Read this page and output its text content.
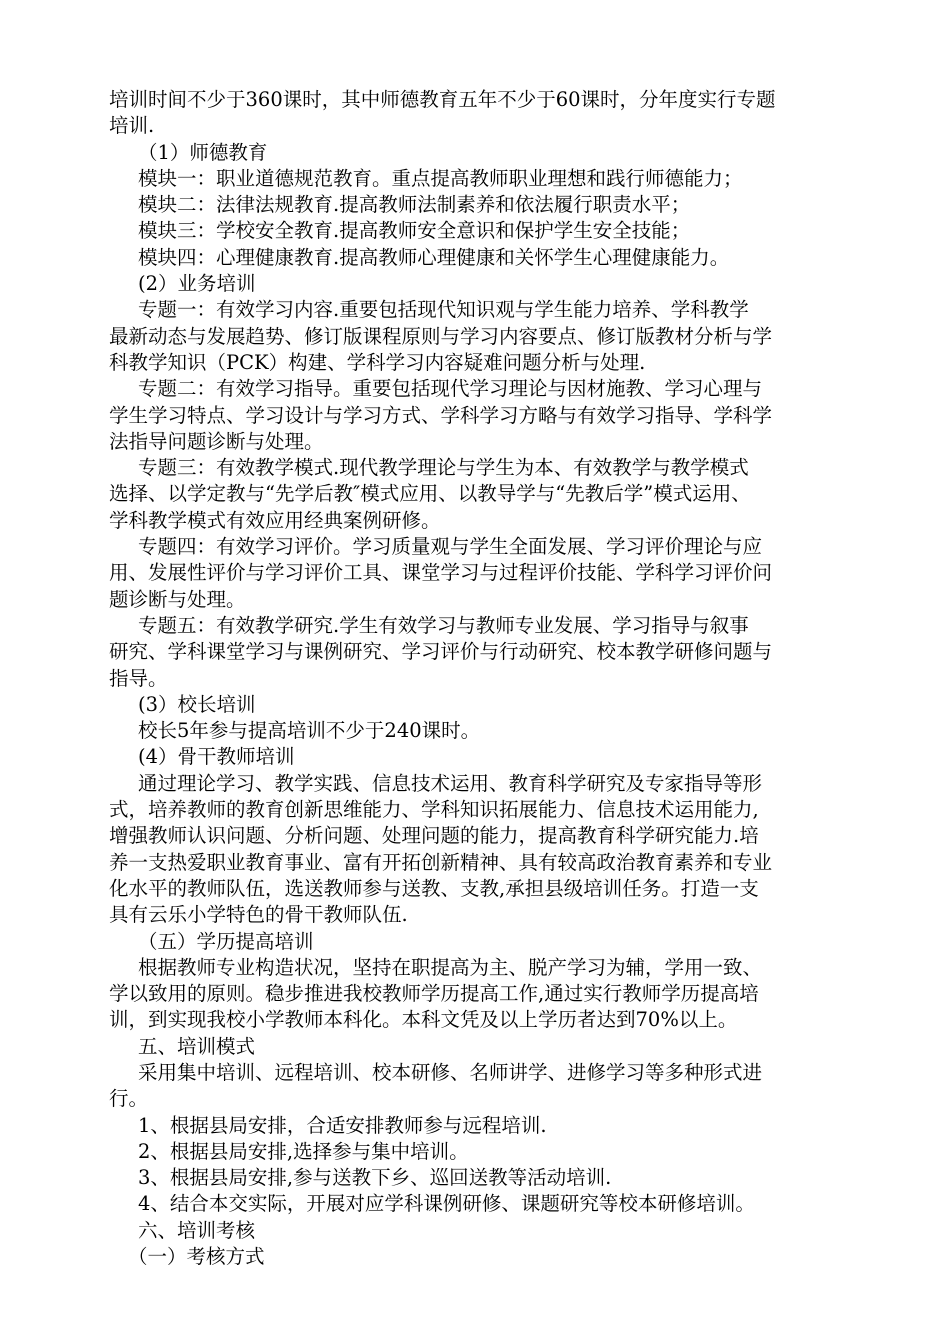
培训时间不少于360课时，其中师德教育五年不少于60课时，分年度实行专题
培训.
（1）师德教育
模块一：职业道德规范教育。重点提高教师职业理想和践行师德能力；
模块二：法律法规教育.提高教师法制素养和依法履行职责水平；
模块三：学校安全教育.提高教师安全意识和保护学生安全技能；
模块四：心理健康教育.提高教师心理健康和关怀学生心理健康能力。
(2）业务培训
专题一：有效学习内容.重要包括现代知识观与学生能力培养、学科教学
最新动态与发展趋势、修订版课程原则与学习内容要点、修订版教材分析与学
科教学知识（PCK）构建、学科学习内容疑难问题分析与处理.
专题二：有效学习指导。重要包括现代学习理论与因材施教、学习心理与
学生学习特点、学习设计与学习方式、学科学习方略与有效学习指导、学科学
法指导问题诊断与处理。
专题三：有效教学模式.现代教学理论与学生为本、有效教学与教学模式
选择、以学定教与“先学后教″模式应用、以教导学与“先教后学”模式运用、
学科教学模式有效应用经典案例研修。
专题四：有效学习评价。学习质量观与学生全面发展、学习评价理论与应
用、发展性评价与学习评价工具、课堂学习与过程评价技能、学科学习评价问
题诊断与处理。
专题五：有效教学研究.学生有效学习与教师专业发展、学习指导与叙事
研究、学科课堂学习与课例研究、学习评价与行动研究、校本教学研修问题与
指导。
(3）校长培训
校长5年参与提高培训不少于240课时。
(4）骨干教师培训
通过理论学习、教学实践、信息技术运用、教育科学研究及专家指导等形
式，培养教师的教育创新思维能力、学科知识拓展能力、信息技术运用能力,
增强教师认识问题、分析问题、处理问题的能力，提高教育科学研究能力.培
养一支热爱职业教育事业、富有开拓创新精神、具有较高政治教育素养和专业
化水平的教师队伍，选送教师参与送教、支教,承担县级培训任务。打造一支
具有云乐小学特色的骨干教师队伍.
（五）学历提高培训
根据教师专业构造状况，坚持在职提高为主、脱产学习为辅，学用一致、
学以致用的原则。稳步推进我校教师学历提高工作,通过实行教师学历提高培
训，到实现我校小学教师本科化。本科文凭及以上学历者达到70%以上。
五、培训模式
采用集中培训、远程培训、校本研修、名师讲学、进修学习等多种形式进
行。
1、根据县局安排，合适安排教师参与远程培训.
2、根据县局安排,选择参与集中培训。
3、根据县局安排,参与送教下乡、巡回送教等活动培训.
4、结合本交实际，开展对应学科课例研修、课题研究等校本研修培训。
六、培训考核
（一）考核方式
